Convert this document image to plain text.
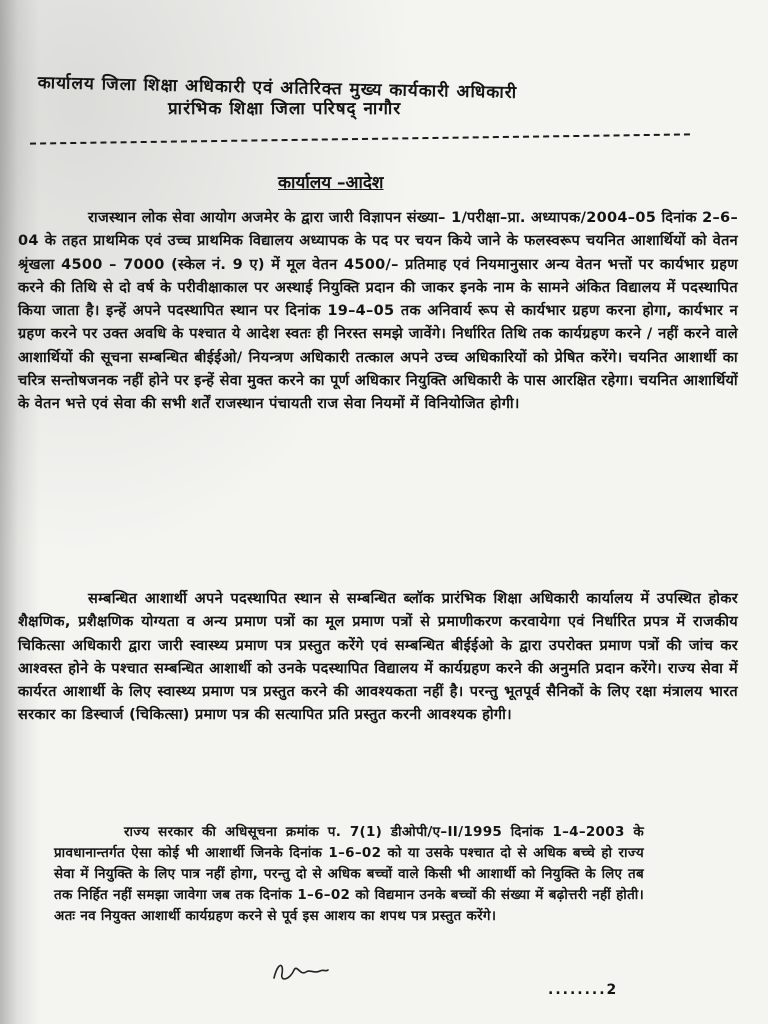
कार्यालय जिला शिक्षा अधिकारी एवं अतिरिक्त मुख्य कार्यकारी अधिकारी
प्रारंभिक शिक्षा जिला परिषद् नागौर
कार्यालय –आदेश

राजस्थान लोक सेवा आयोग अजमेर के द्वारा जारी विज्ञापन संख्या– 1/परीक्षा–प्रा. अध्यापक/2004–05 दिनांक 2–6–04 के तहत प्राथमिक एवं उच्च प्राथमिक विद्यालय अध्यापक के पद पर चयन किये जाने के फलस्वरूप चयनित आशार्थियों को वेतन श्रृंखला 4500 – 7000 (स्केल नं. 9 ए) में मूल वेतन 4500/– प्रतिमाह एवं नियमानुसार अन्य वेतन भत्तों पर कार्यभार ग्रहण करने की तिथि से दो वर्ष के परीवीक्षाकाल पर अस्थाई नियुक्ति प्रदान की जाकर इनके नाम के सामने अंकित विद्यालय में पदस्थापित किया जाता है। इन्हें अपने पदस्थापित स्थान पर दिनांक 19–4–05 तक अनिवार्य रूप से कार्यभार ग्रहण करना होगा, कार्यभार न ग्रहण करने पर उक्त अवधि के पश्चात ये आदेश स्वतः ही निरस्त समझे जावेंगे। निर्धारित तिथि तक कार्यग्रहण करने / नहीं करने वाले आशार्थियों की सूचना सम्बन्धित बीईईओ/ नियन्त्रण अधिकारी तत्काल अपने उच्च अधिकारियों को प्रेषित करेंगे। चयनित आशार्थी का चरित्र सन्तोषजनक नहीं होने पर इन्हें सेवा मुक्त करने का पूर्ण अधिकार नियुक्ति अधिकारी के पास आरक्षित रहेगा। चयनित आशार्थियों के वेतन भत्ते एवं सेवा की सभी शर्तें राजस्थान पंचायती राज सेवा नियमों में विनियोजित होगी।

सम्बन्धित आशार्थी अपने पदस्थापित स्थान से सम्बन्धित ब्लॉक प्रारंभिक शिक्षा अधिकारी कार्यालय में उपस्थित होकर शैक्षणिक, प्रशैक्षणिक योग्यता व अन्य प्रमाण पत्रों का मूल प्रमाण पत्रों से प्रमाणीकरण करवायेगा एवं निर्धारित प्रपत्र में राजकीय चिकित्सा अधिकारी द्वारा जारी स्वास्थ्य प्रमाण पत्र प्रस्तुत करेंगे एवं सम्बन्धित बीईईओ के द्वारा उपरोक्त प्रमाण पत्रों की जांच कर आश्वस्त होने के पश्चात सम्बन्धित आशार्थी को उनके पदस्थापित विद्यालय में कार्यग्रहण करने की अनुमति प्रदान करेंगे। राज्य सेवा में कार्यरत आशार्थी के लिए स्वास्थ्य प्रमाण पत्र प्रस्तुत करने की आवश्यकता नहीं है। परन्तु भूतपूर्व सैनिकों के लिए रक्षा मंत्रालय भारत सरकार का डिस्चार्ज (चिकित्सा) प्रमाण पत्र की सत्यापित प्रति प्रस्तुत करनी आवश्यक होगी।

राज्य सरकार की अधिसूचना क्रमांक प. 7(1) डीओपी/ए–II/1995 दिनांक 1–4–2003 के प्रावधानान्तर्गत ऐसा कोई भी आशार्थी जिनके दिनांक 1–6–02 को या उसके पश्चात दो से अधिक बच्चे हो राज्य सेवा में नियुक्ति के लिए पात्र नहीं होगा, परन्तु दो से अधिक बच्चों वाले किसी भी आशार्थी को नियुक्ति के लिए तब तक निर्हित नहीं समझा जावेगा जब तक दिनांक 1–6–02 को विद्यमान उनके बच्चों की संख्या में बढ़ोत्तरी नहीं होती। अतः नव नियुक्त आशार्थी कार्यग्रहण करने से पूर्व इस आशय का शपथ पत्र प्रस्तुत करेंगे।

........2
